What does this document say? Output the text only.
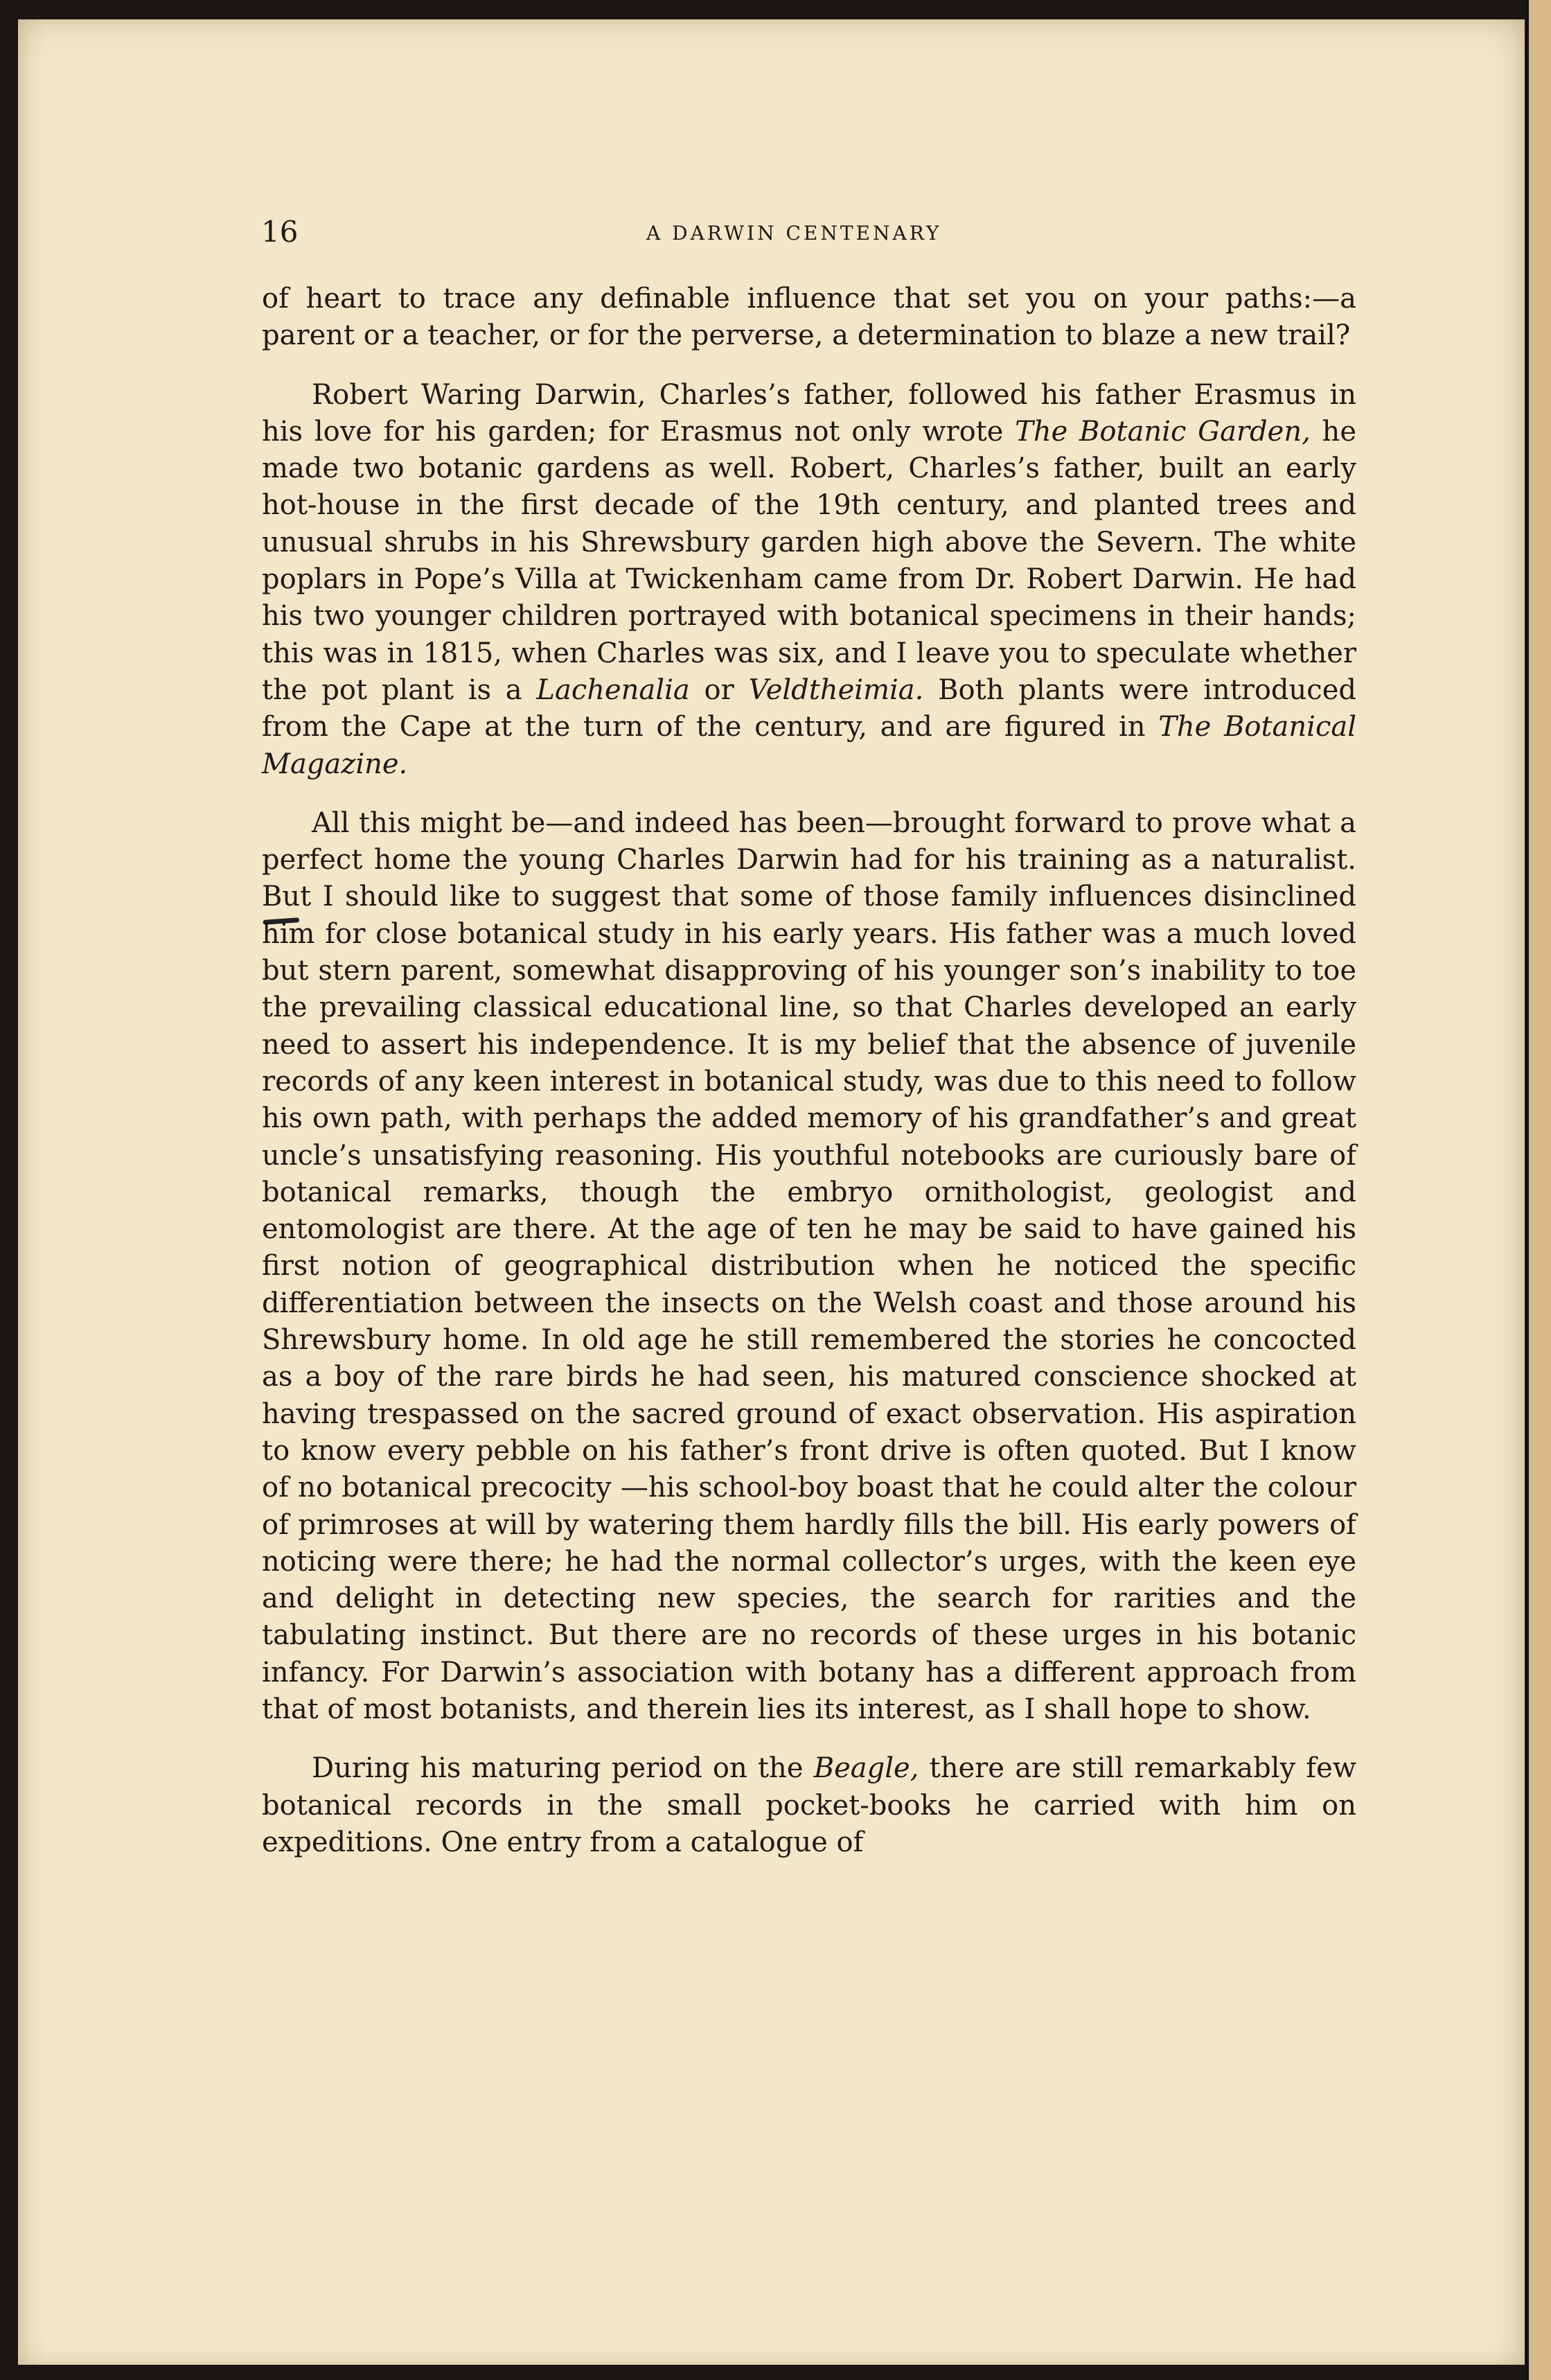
16	A DARWIN CENTENARY

of heart to trace any definable influence that set you on your paths:—a parent or a teacher, or for the perverse, a determination to blaze a new trail?

Robert Waring Darwin, Charles’s father, followed his father Erasmus in his love for his garden; for Erasmus not only wrote The Botanic Garden, he made two botanic gardens as well. Robert, Charles’s father, built an early hot-house in the first decade of the 19th century, and planted trees and unusual shrubs in his Shrewsbury garden high above the Severn. The white poplars in Pope’s Villa at Twickenham came from Dr. Robert Darwin. He had his two younger children portrayed with botanical specimens in their hands; this was in 1815, when Charles was six, and I leave you to speculate whether the pot plant is a Lachenalia or Veldtheimia. Both plants were introduced from the Cape at the turn of the century, and are figured in The Botanical Magazine.

All this might be—and indeed has been—brought forward to prove what a perfect home the young Charles Darwin had for his training as a naturalist. But I should like to suggest that some of those family influences disinclined him for close botanical study in his early years. His father was a much loved but stern parent, somewhat disapproving of his younger son’s inability to toe the prevailing classical educational line, so that Charles developed an early need to assert his independence. It is my belief that the absence of juvenile records of any keen interest in botanical study, was due to this need to follow his own path, with perhaps the added memory of his grandfather’s and great uncle’s unsatisfying reasoning. His youthful notebooks are curiously bare of botanical remarks, though the embryo ornithologist, geologist and entomologist are there. At the age of ten he may be said to have gained his first notion of geographical distribution when he noticed the specific differentiation between the insects on the Welsh coast and those around his Shrewsbury home. In old age he still remembered the stories he concocted as a boy of the rare birds he had seen, his matured conscience shocked at having trespassed on the sacred ground of exact observation. His aspiration to know every pebble on his father’s front drive is often quoted. But I know of no botanical precocity —his school-boy boast that he could alter the colour of primroses at will by watering them hardly fills the bill. His early powers of noticing were there; he had the normal collector’s urges, with the keen eye and delight in detecting new species, the search for rarities and the tabulating instinct. But there are no records of these urges in his botanic infancy. For Darwin’s association with botany has a different approach from that of most botanists, and therein lies its interest, as I shall hope to show.

During his maturing period on the Beagle, there are still remarkably few botanical records in the small pocket-books he carried with him on expeditions. One entry from a catalogue of
